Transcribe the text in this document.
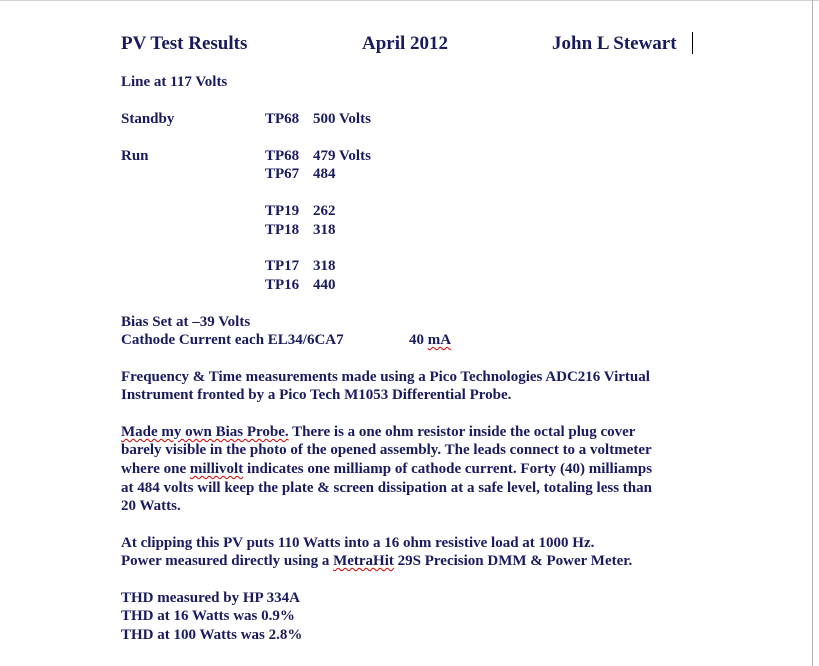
PV Test Results	April 2012	John L Stewart
Line at 117 Volts
Standby	TP68 500 Volts
Run	TP68 479 Volts
TP67 484
TP19 262
TP18 318
TP17 318
TP16 440
Bias Set at –39 Volts
Cathode Current each EL34/6CA7	40 mA
Frequency & Time measurements made using a Pico Technologies ADC216 Virtual
Instrument fronted by a Pico Tech M1053 Differential Probe.
Made my own Bias Probe. There is a one ohm resistor inside the octal plug cover
barely visible in the photo of the opened assembly. The leads connect to a voltmeter
where one millivolt indicates one milliamp of cathode current. Forty (40) milliamps
at 484 volts will keep the plate & screen dissipation at a safe level, totaling less than
20 Watts.
At clipping this PV puts 110 Watts into a 16 ohm resistive load at 1000 Hz.
Power measured directly using a MetraHit 29S Precision DMM & Power Meter.
THD measured by HP 334A
THD at 16 Watts was 0.9%
THD at 100 Watts was 2.8%
